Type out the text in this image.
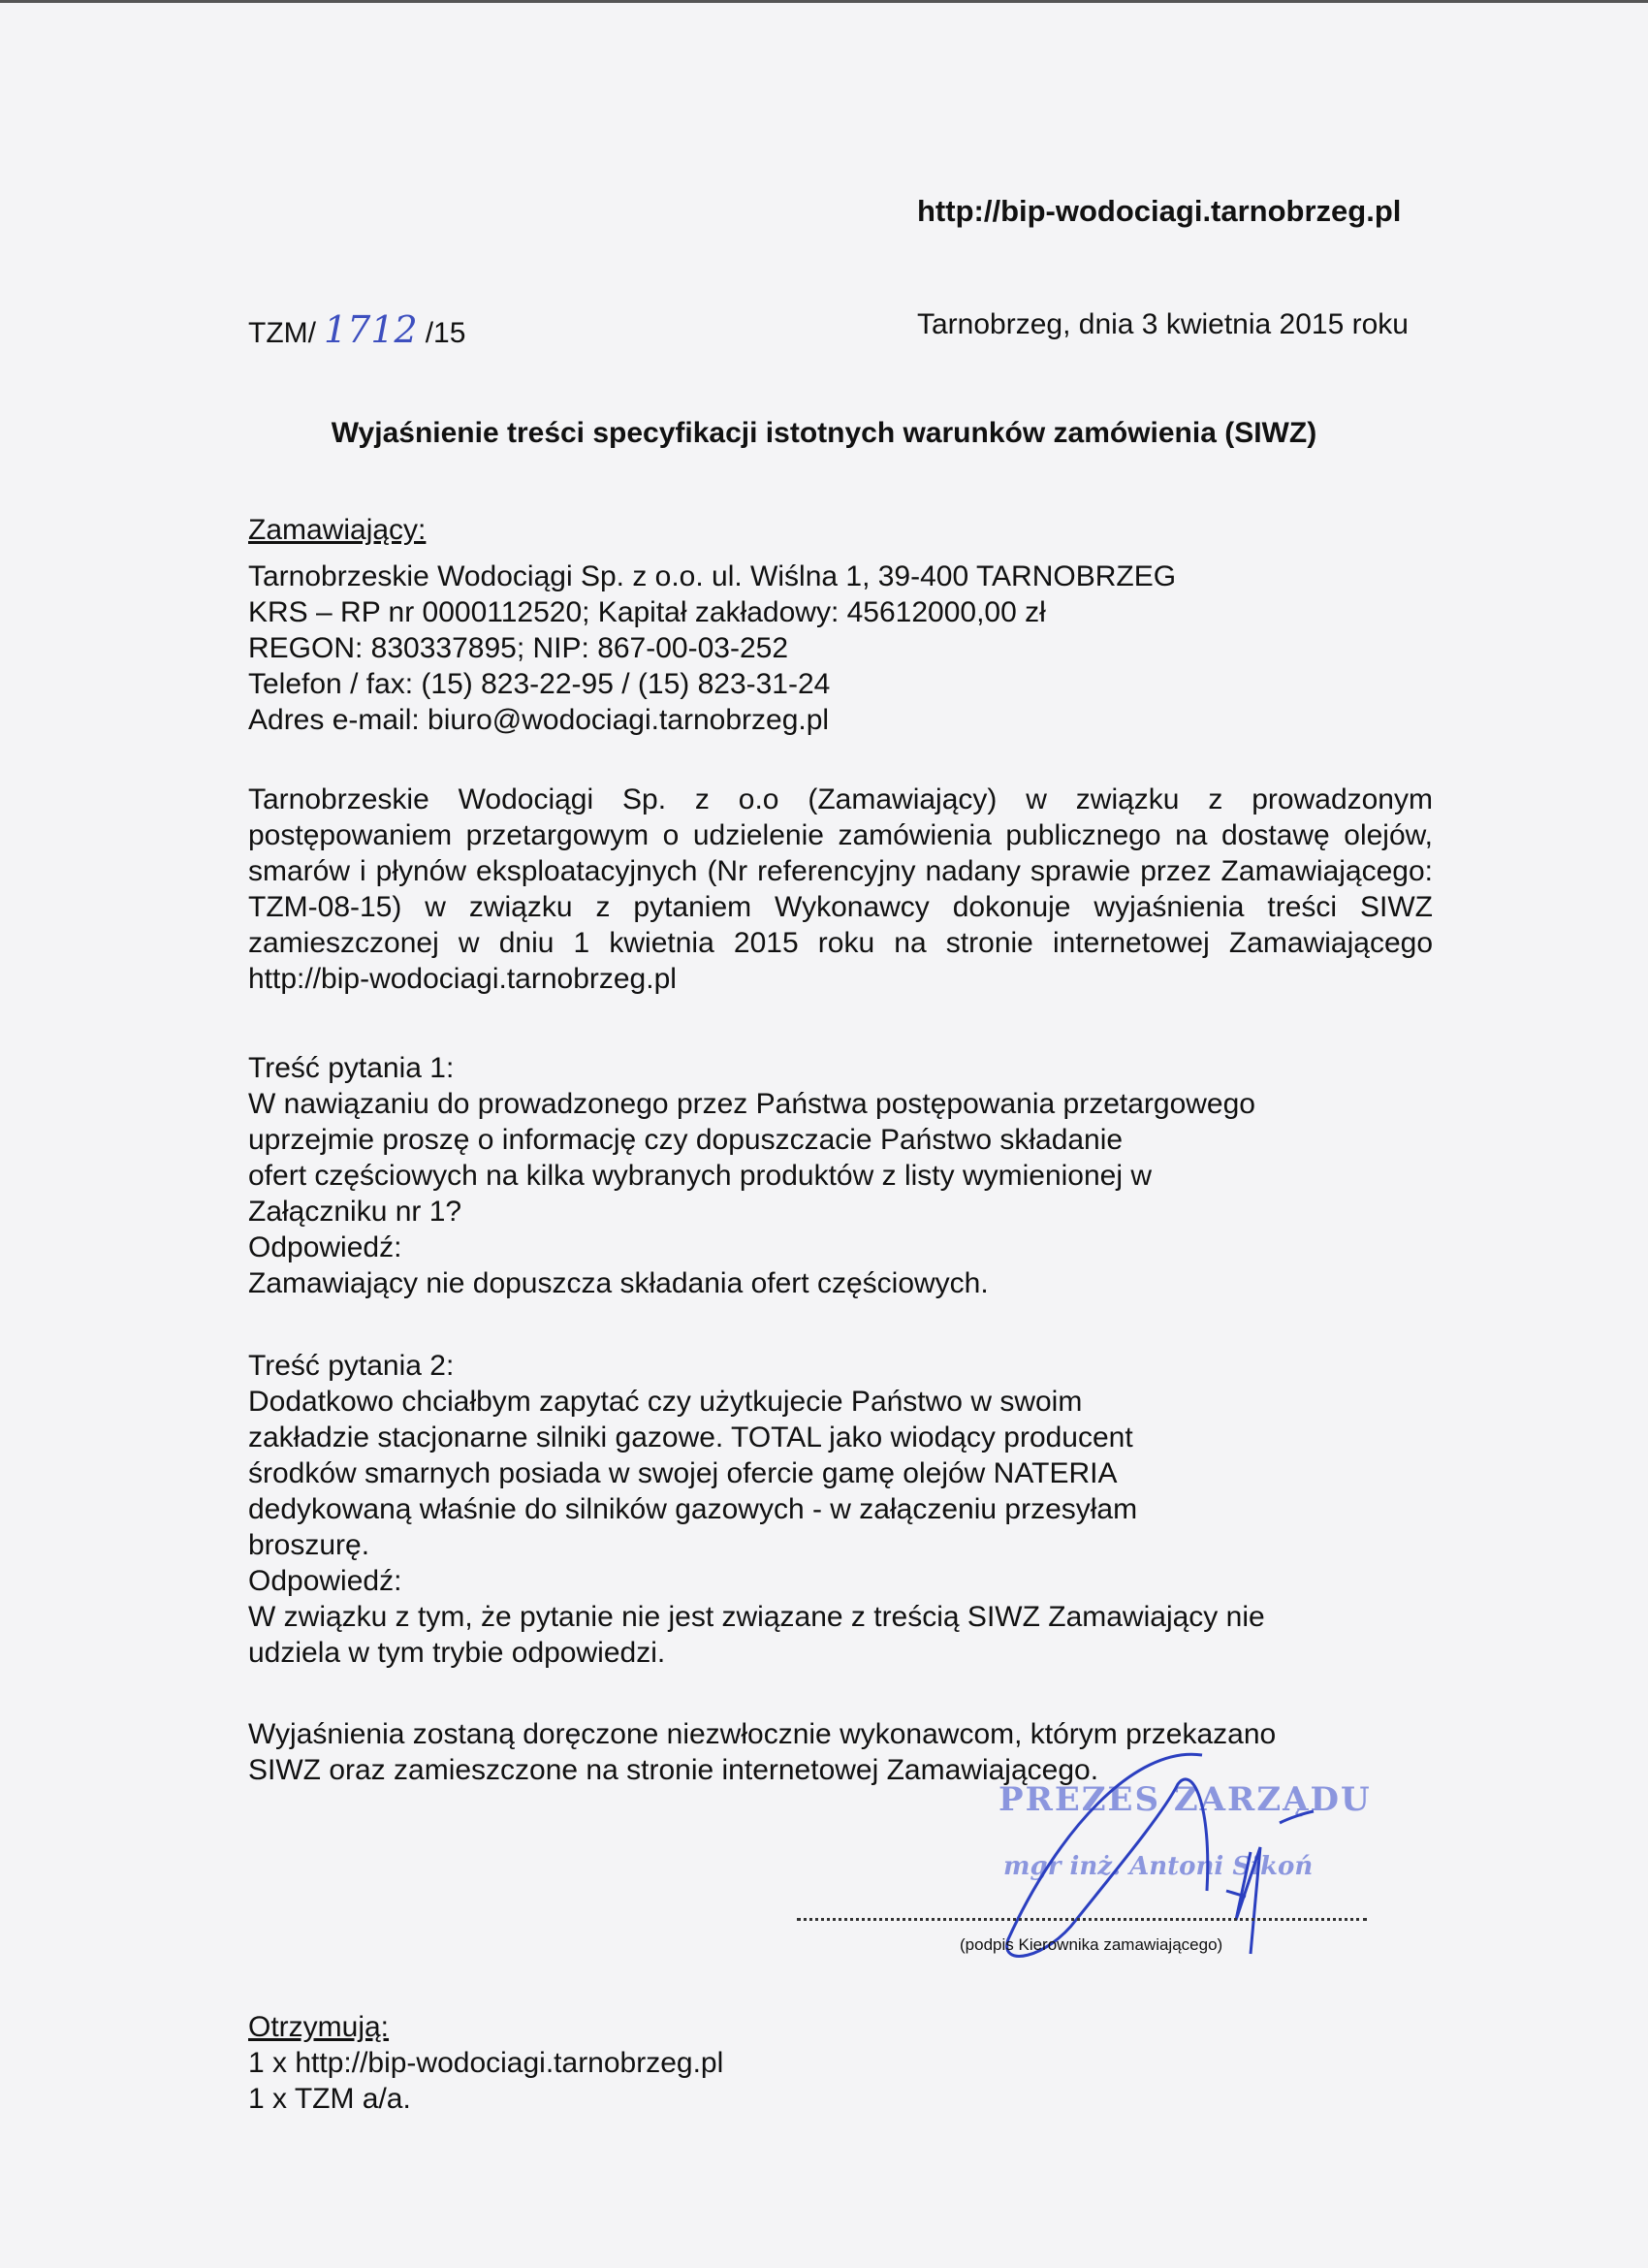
http://bip-wodociagi.tarnobrzeg.pl
TZM/ 1712 /15	Tarnobrzeg, dnia 3 kwietnia 2015 roku
Wyjaśnienie treści specyfikacji istotnych warunków zamówienia (SIWZ)
Zamawiający:
Tarnobrzeskie Wodociągi Sp. z o.o. ul. Wiślna 1, 39-400 TARNOBRZEG
KRS – RP nr 0000112520; Kapitał zakładowy: 45612000,00 zł
REGON: 830337895; NIP: 867-00-03-252
Telefon / fax: (15) 823-22-95 / (15) 823-31-24
Adres e-mail: biuro@wodociagi.tarnobrzeg.pl
Tarnobrzeskie Wodociągi Sp. z o.o (Zamawiający) w związku z prowadzonym postępowaniem przetargowym o udzielenie zamówienia publicznego na dostawę olejów, smarów i płynów eksploatacyjnych (Nr referencyjny nadany sprawie przez Zamawiającego: TZM-08-15) w związku z pytaniem Wykonawcy dokonuje wyjaśnienia treści SIWZ zamieszczonej w dniu 1 kwietnia 2015 roku na stronie internetowej Zamawiającego http://bip-wodociagi.tarnobrzeg.pl
Treść pytania 1:
W nawiązaniu do prowadzonego przez Państwa postępowania przetargowego
uprzejmie proszę o informację czy dopuszczacie Państwo składanie
ofert częściowych na kilka wybranych produktów z listy wymienionej w
Załączniku nr 1?
Odpowiedź:
Zamawiający nie dopuszcza składania ofert częściowych.
Treść pytania 2:
Dodatkowo chciałbym zapytać czy użytkujecie Państwo w swoim
zakładzie stacjonarne silniki gazowe. TOTAL jako wiodący producent
środków smarnych posiada w swojej ofercie gamę olejów NATERIA
dedykowaną właśnie do silników gazowych - w załączeniu przesyłam
broszurę.
Odpowiedź:
W związku z tym, że pytanie nie jest związane z treścią SIWZ Zamawiający nie
udziela w tym trybie odpowiedzi.
Wyjaśnienia zostaną doręczone niezwłocznie wykonawcom, którym przekazano
SIWZ oraz zamieszczone na stronie internetowej Zamawiającego.
PREZES ZARZĄDU
mgr inż. Antoni Sikoń
(podpis Kierownika zamawiającego)
Otrzymują:
1 x http://bip-wodociagi.tarnobrzeg.pl
1 x TZM a/a.
